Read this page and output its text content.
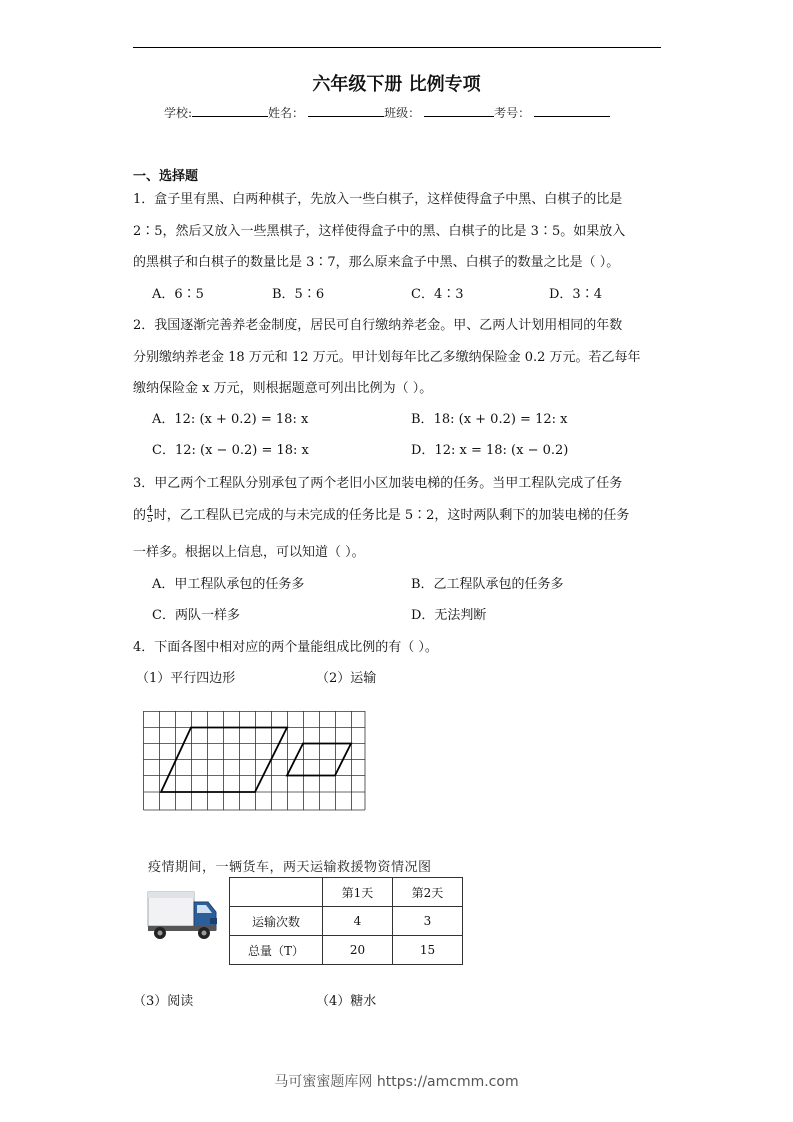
六年级下册 比例专项
学校:	姓名：	班级：	考号：
一、选择题
1．盒子里有黑、白两种棋子，先放入一些白棋子，这样使得盒子中黑、白棋子的比是
2∶5，然后又放入一些黑棋子，这样使得盒子中的黑、白棋子的比是 3∶5。如果放入
的黑棋子和白棋子的数量比是 3∶7，那么原来盒子中黑、白棋子的数量之比是（ ）。
A．6∶5	B．5∶6	C．4∶3	D．3∶4
2．我国逐渐完善养老金制度，居民可自行缴纳养老金。甲、乙两人计划用相同的年数
分别缴纳养老金 18 万元和 12 万元。甲计划每年比乙多缴纳保险金 0.2 万元。若乙每年
缴纳保险金 x 万元，则根据题意可列出比例为（ ）。
A．12: (x + 0.2) = 18: x	B．18: (x + 0.2) = 12: x
C．12: (x − 0.2) = 18: x	D．12: x = 18: (x − 0.2)
3．甲乙两个工程队分别承包了两个老旧小区加装电梯的任务。当甲工程队完成了任务
的 $\frac{4}{5}$ 时，乙工程队已完成的与未完成的任务比是 5∶2，这时两队剩下的加装电梯的任务
一样多。根据以上信息，可以知道（ ）。
A．甲工程队承包的任务多	B．乙工程队承包的任务多
C．两队一样多	D．无法判断
4．下面各图中相对应的两个量能组成比例的有（ ）。
（1）平行四边形	（2）运输
疫情期间，一辆货车，两天运输救援物资情况图
	第1天	第2天
运输次数	4	3
总量（T）	20	15
（3）阅读	（4）糖水
马可蜜蜜题库网 https://amcmm.com
